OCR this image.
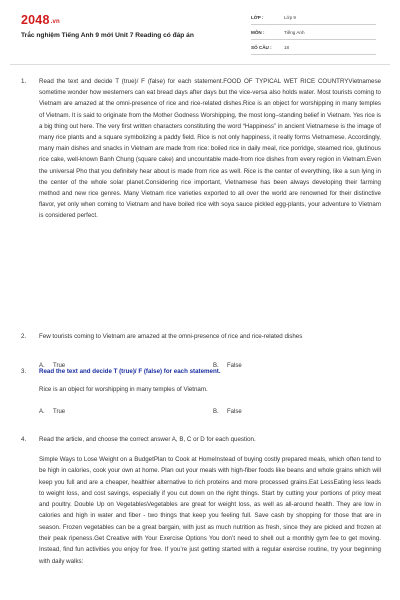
2048.vn
Trắc nghiệm Tiếng Anh 9 mới Unit 7 Reading có đáp án
LỚP :	Lớp 9
MÔN :	Tiếng Anh
SỐ CÂU :	18
1. Read the text and decide T (true)/ F (false) for each statement.FOOD OF TYPICAL WET RICE COUNTRYVietnamese sometime wonder how westerners can eat bread days after days but the vice-versa also holds water. Most tourists coming to Vietnam are amazed at the omni-presence of rice and rice-related dishes.Rice is an object for worshipping in many temples of Vietnam. It is said to originate from the Mother Godness Worshipping, the most long–standing belief in Vietnam. Yes rice is a big thing out here. The very first written characters constituting the word “Happiness” in ancient Vietnamese is the image of many rice plants and a square symbolizing a paddy field. Rice is not only happiness, it really forms Vietnamese. Accordingly, many main dishes and snacks in Vietnam are made from rice: boiled rice in daily meal, rice porridge, steamed rice, glutinous rice cake, well-known Banh Chung (square cake) and uncountable made-from rice dishes from every region in Vietnam.Even the universal Pho that you definitely hear about is made from rice as well. Rice is the center of everything, like a sun lying in the center of the whole solar planet.Considering rice important, Vietnamese has been always developing their farming method and new rice genres. Many Vietnam rice varieties exported to all over the world are renowned for their distinctive flavor, yet only when coming to Vietnam and have boiled rice with soya sauce pickled egg-plants, your adventure to Vietnam is considered perfect.
2. Few tourists coming to Vietnam are amazed at the omni-presence of rice and rice-related dishes
A. True	B. False
3. Read the text and decide T (true)/ F (false) for each statement.
Rice is an object for worshipping in many temples of Vietnam.
A. True	B. False
4. Read the article, and choose the correct answer A, B, C or D for each question.
Simple Ways to Lose Weight on a BudgetPlan to Cook at HomeInstead of buying costly prepared meals, which often tend to be high in calories, cook your own at home. Plan out your meals with high-fiber foods like beans and whole grains which will keep you full and are a cheaper, healthier alternative to rich proteins and more processed grains.Eat LessEating less leads to weight loss, and cost savings, especially if you cut down on the right things. Start by cutting your portions of pricy meat and poultry. Double Up on VegetablesVegetables are great for weight loss, as well as all-around health. They are low in calories and high in water and fiber - two things that keep you feeling full. Save cash by shopping for those that are in season. Frozen vegetables can be a great bargain, with just as much nutrition as fresh, since they are picked and frozen at their peak ripeness.Get Creative with Your Exercise Options You don’t need to shell out a monthly gym fee to get moving. Instead, find fun activities you enjoy for free. If you’re just getting started with a regular exercise routine, try your beginning with daily walks:
